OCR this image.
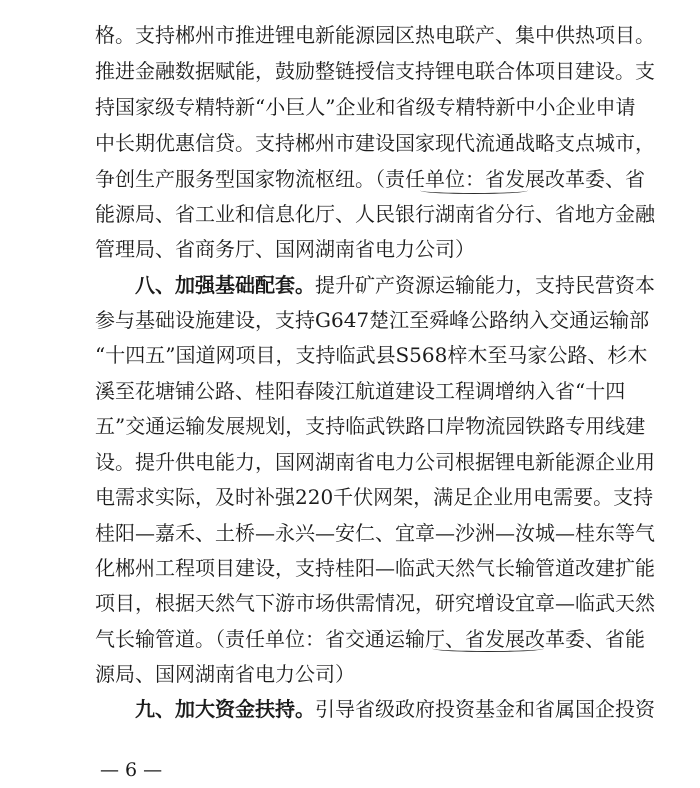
格。支持郴州市推进锂电新能源园区热电联产、集中供热项目。
推进金融数据赋能，鼓励整链授信支持锂电联合体项目建设。支
持国家级专精特新“小巨人”企业和省级专精特新中小企业申请
中长期优惠信贷。支持郴州市建设国家现代流通战略支点城市，
争创生产服务型国家物流枢纽。（责任单位：省发展改革委、省
能源局、省工业和信息化厅、人民银行湖南省分行、省地方金融
管理局、省商务厅、国网湖南省电力公司）
八、加强基础配套。提升矿产资源运输能力，支持民营资本
参与基础设施建设，支持G647楚江至舜峰公路纳入交通运输部
“十四五”国道网项目，支持临武县S568梓木至马家公路、杉木
溪至花塘铺公路、桂阳春陵江航道建设工程调增纳入省“十四
五”交通运输发展规划，支持临武铁路口岸物流园铁路专用线建
设。提升供电能力，国网湖南省电力公司根据锂电新能源企业用
电需求实际，及时补强220千伏网架，满足企业用电需要。支持
桂阳—嘉禾、土桥—永兴—安仁、宜章—沙洲—汝城—桂东等气
化郴州工程项目建设，支持桂阳—临武天然气长输管道改建扩能
项目，根据天然气下游市场供需情况，研究增设宜章—临武天然
气长输管道。（责任单位：省交通运输厅、省发展改革委、省能
源局、国网湖南省电力公司）
九、加大资金扶持。引导省级政府投资基金和省属国企投资
— 6 —
